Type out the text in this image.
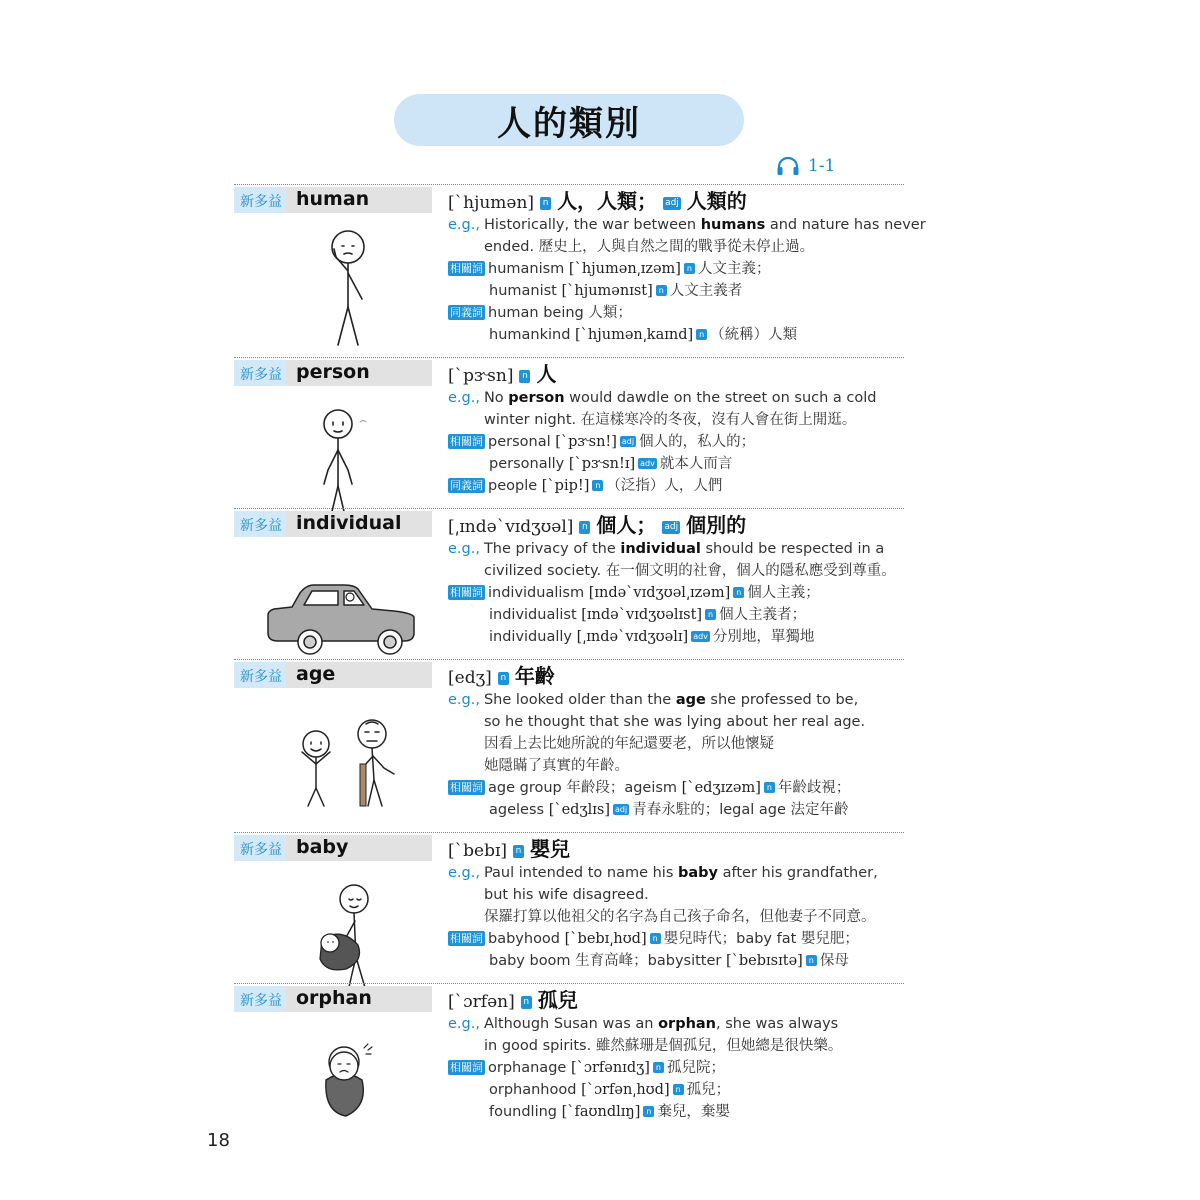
人的類別
1-1
新多益 human	[ˋhjumən] n 人，人類； adj 人類的
e.g., Historically, the war between humans and nature has never
ended. 歷史上，人與自然之間的戰爭從未停止過。
相關詞 humanism [ˋhjumən͵ɪzəm] n 人文主義；
humanist [ˋhjumənɪst] n 人文主義者
同義詞 human being 人類；
humankind [ˋhjumən͵kaɪnd] n （統稱）人類
新多益 person	[ˋpɝsn] n 人
e.g., No person would dawdle on the street on such a cold
winter night. 在這樣寒冷的冬夜，沒有人會在街上閒逛。
相關詞 personal [ˋpɝsn!] adj 個人的，私人的；
personally [ˋpɝsn!ɪ] adv 就本人而言
同義詞 people [ˋpip!] n （泛指）人，人們
新多益 individual	[͵ɪndəˋvɪdʒʊəl] n 個人； adj 個別的
e.g., The privacy of the individual should be respected in a
civilized society. 在一個文明的社會，個人的隱私應受到尊重。
相關詞 individualism [ɪndəˋvɪdʒʊəl͵ɪzəm] n 個人主義；
individualist [ɪndəˋvɪdʒʊəlɪst] n 個人主義者；
individually [͵ɪndəˋvɪdʒʊəlɪ] adv 分別地，單獨地
新多益 age	[edʒ] n 年齡
e.g., She looked older than the age she professed to be,
so he thought that she was lying about her real age.
因看上去比她所說的年紀還要老，所以他懷疑
她隱瞞了真實的年齡。
相關詞 age group 年齡段；ageism [ˋedʒɪzəm] n 年齡歧視；
ageless [ˋedʒlɪs] adj 青春永駐的；legal age 法定年齡
新多益 baby	[ˋbebɪ] n 嬰兒
e.g., Paul intended to name his baby after his grandfather,
but his wife disagreed.
保羅打算以他祖父的名字為自己孩子命名，但他妻子不同意。
相關詞 babyhood [ˋbebɪ͵hʊd] n 嬰兒時代；baby fat 嬰兒肥；
baby boom 生育高峰；babysitter [ˋbebɪsɪtə] n 保母
新多益 orphan	[ˋɔrfən] n 孤兒
e.g., Although Susan was an orphan, she was always
in good spirits. 雖然蘇珊是個孤兒，但她總是很快樂。
相關詞 orphanage [ˋɔrfənɪdʒ] n 孤兒院；
orphanhood [ˋɔrfən͵hʊd] n 孤兒；
foundling [ˋfaʊndlɪŋ] n 棄兒，棄嬰
18
